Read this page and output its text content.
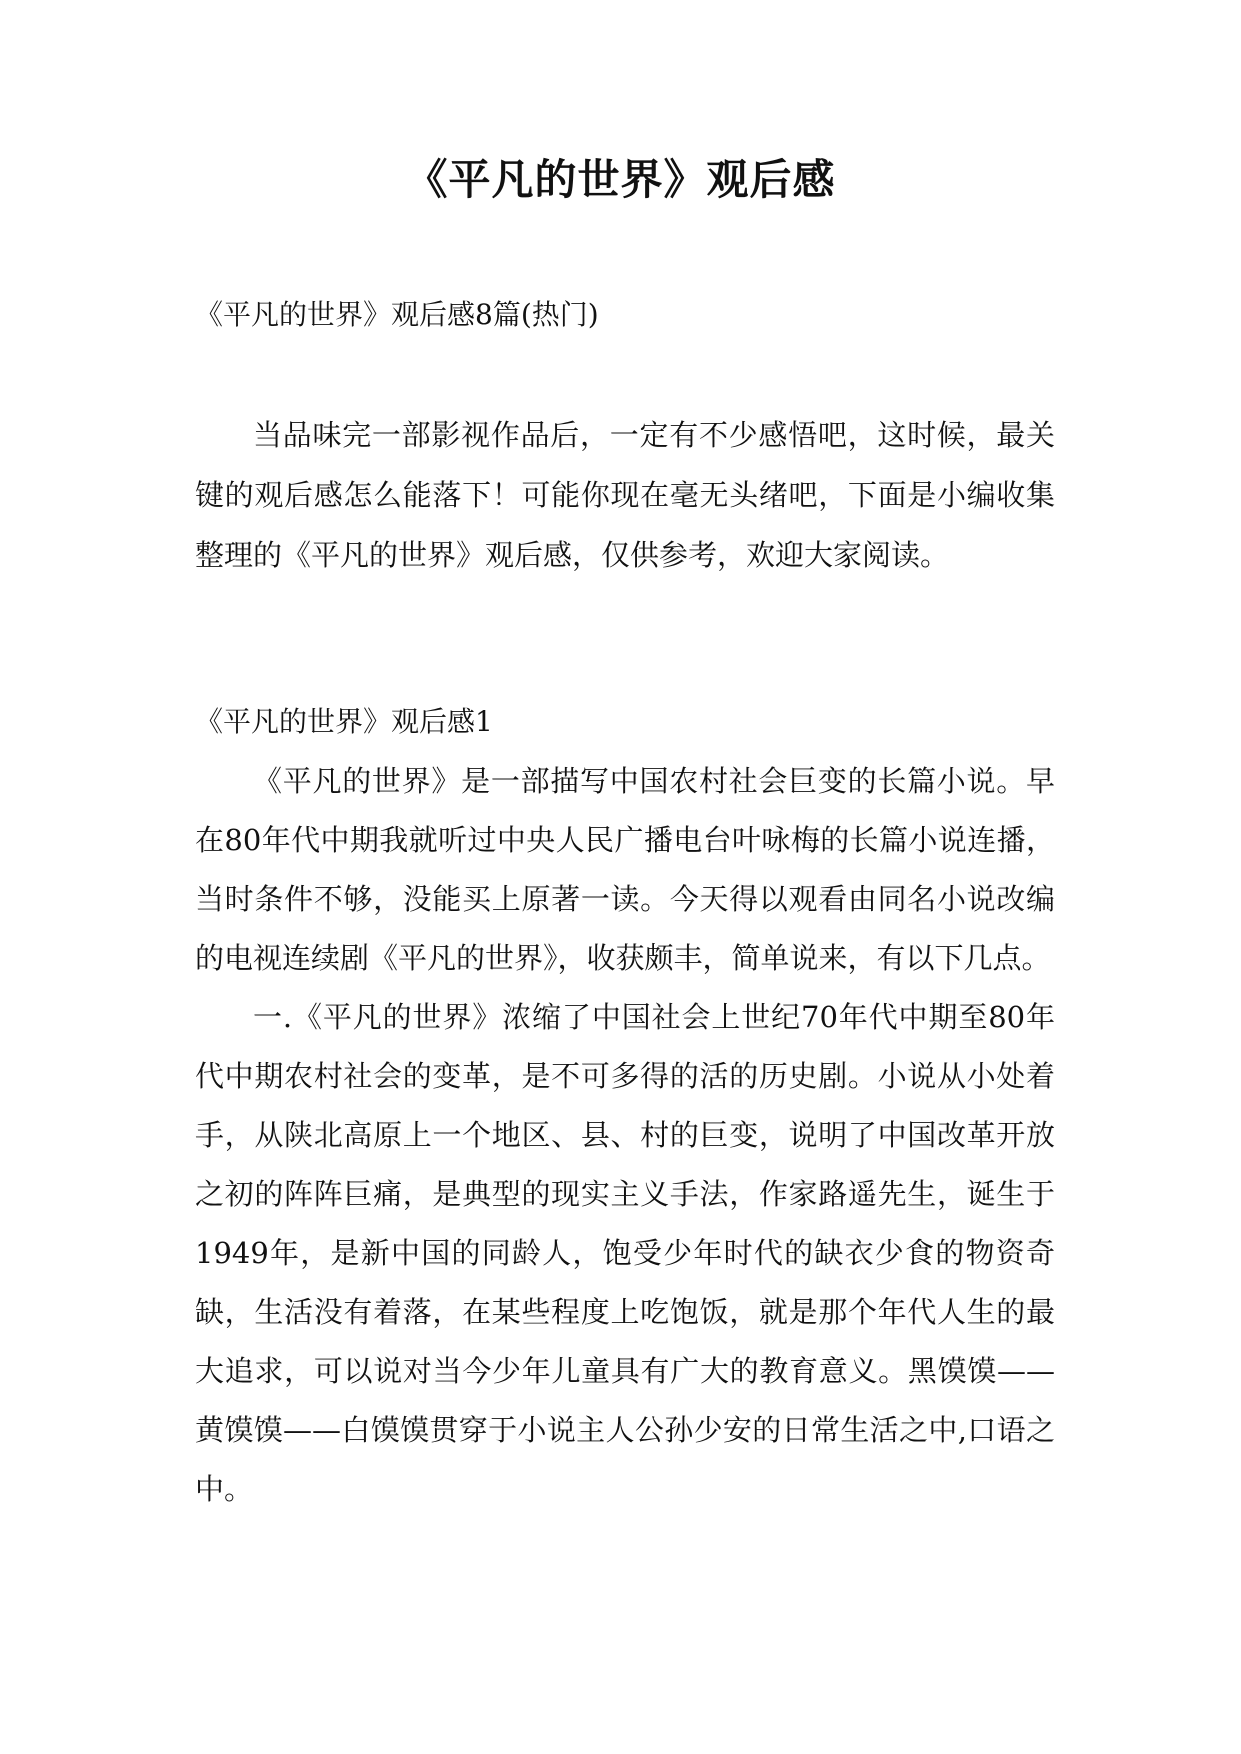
《平凡的世界》观后感

《平凡的世界》观后感8篇(热门)

当品味完一部影视作品后，一定有不少感悟吧，这时候，最关键的观后感怎么能落下！可能你现在毫无头绪吧，下面是小编收集整理的《平凡的世界》观后感，仅供参考，欢迎大家阅读。

《平凡的世界》观后感1

《平凡的世界》是一部描写中国农村社会巨变的长篇小说。早在80年代中期我就听过中央人民广播电台叶咏梅的长篇小说连播，当时条件不够，没能买上原著一读。今天得以观看由同名小说改编的电视连续剧《平凡的世界》，收获颇丰，简单说来，有以下几点。

一.《平凡的世界》浓缩了中国社会上世纪70年代中期至80年代中期农村社会的变革，是不可多得的活的历史剧。小说从小处着手，从陕北高原上一个地区、县、村的巨变，说明了中国改革开放之初的阵阵巨痛，是典型的现实主义手法，作家路遥先生，诞生于1949年，是新中国的同龄人，饱受少年时代的缺衣少食的物资奇缺，生活没有着落，在某些程度上吃饱饭，就是那个年代人生的最大追求，可以说对当今少年儿童具有广大的教育意义。黑馍馍——黄馍馍——白馍馍贯穿于小说主人公孙少安的日常生活之中,口语之中。
